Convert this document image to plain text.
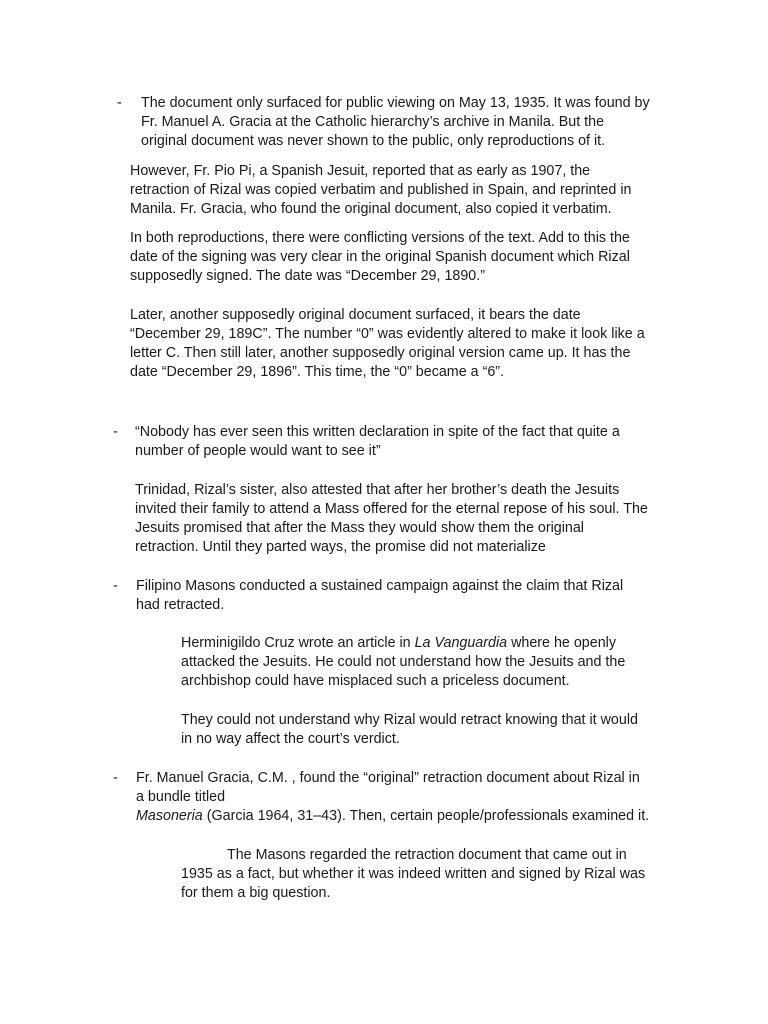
- The document only surfaced for public viewing on May 13, 1935. It was found by
Fr. Manuel A. Gracia at the Catholic hierarchy’s archive in Manila. But the
original document was never shown to the public, only reproductions of it.
However, Fr. Pio Pi, a Spanish Jesuit, reported that as early as 1907, the
retraction of Rizal was copied verbatim and published in Spain, and reprinted in
Manila. Fr. Gracia, who found the original document, also copied it verbatim.
In both reproductions, there were conflicting versions of the text. Add to this the
date of the signing was very clear in the original Spanish document which Rizal
supposedly signed. The date was “December 29, 1890.”
Later, another supposedly original document surfaced, it bears the date
“December 29, 189C”. The number “0” was evidently altered to make it look like a
letter C. Then still later, another supposedly original version came up. It has the
date “December 29, 1896”. This time, the “0” became a “6”.
- “Nobody has ever seen this written declaration in spite of the fact that quite a
number of people would want to see it”
Trinidad, Rizal’s sister, also attested that after her brother’s death the Jesuits
invited their family to attend a Mass offered for the eternal repose of his soul. The
Jesuits promised that after the Mass they would show them the original
retraction. Until they parted ways, the promise did not materialize
- Filipino Masons conducted a sustained campaign against the claim that Rizal
had retracted.
Herminigildo Cruz wrote an article in La Vanguardia where he openly
attacked the Jesuits. He could not understand how the Jesuits and the
archbishop could have misplaced such a priceless document.
They could not understand why Rizal would retract knowing that it would
in no way affect the court’s verdict.
- Fr. Manuel Gracia, C.M. , found the “original” retraction document about Rizal in
a bundle titled
Masoneria (Garcia 1964, 31–43). Then, certain people/professionals examined it.
The Masons regarded the retraction document that came out in
1935 as a fact, but whether it was indeed written and signed by Rizal was
for them a big question.
